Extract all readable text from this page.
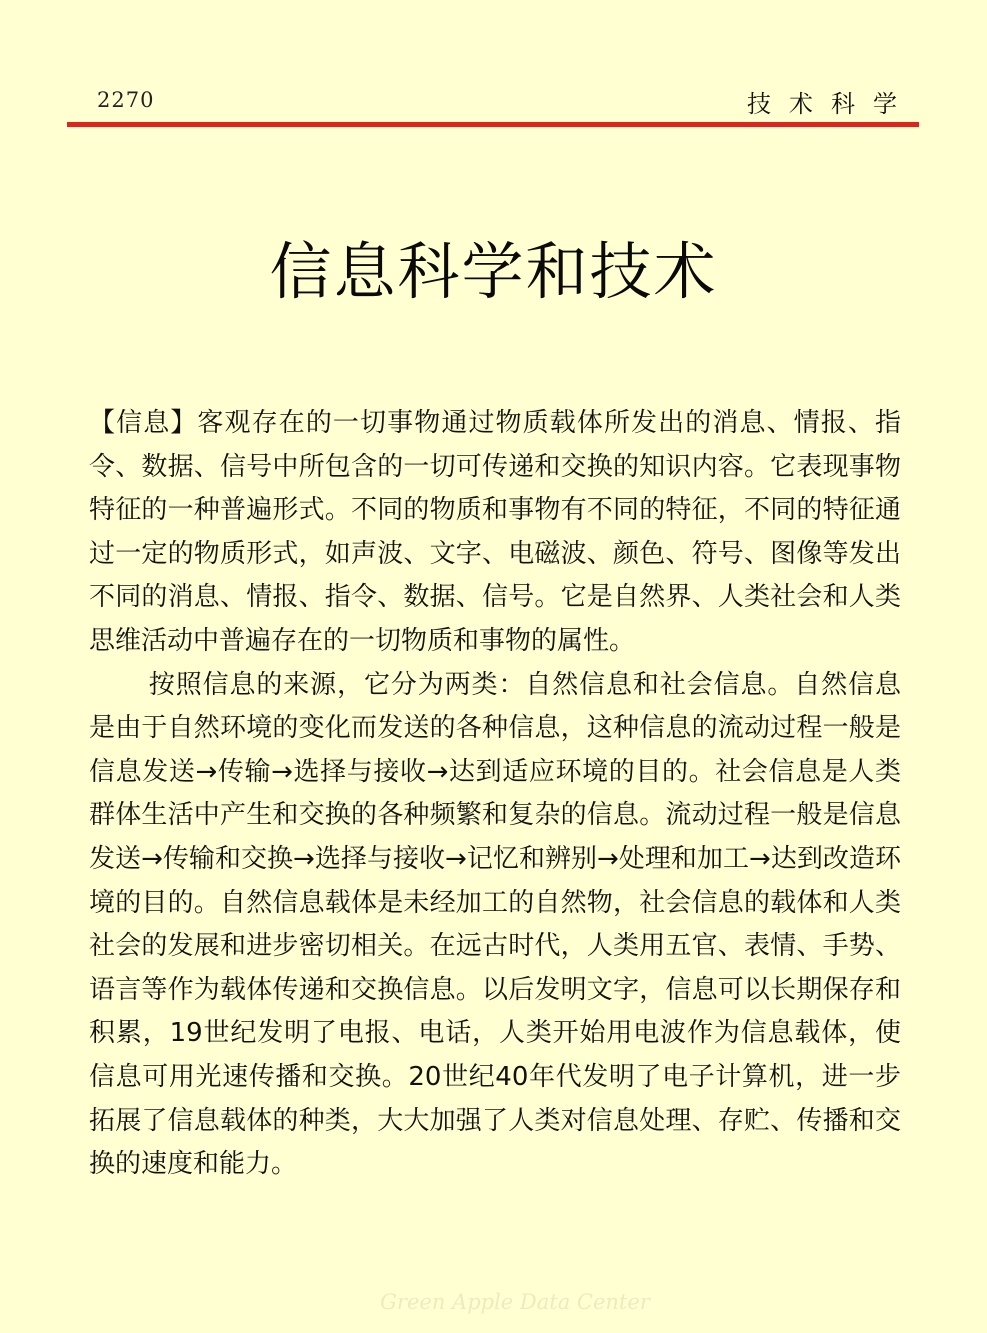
2270	技术科学
信息科学和技术

【信息】客观存在的一切事物通过物质载体所发出的消息、情报、指令、数据、信号中所包含的一切可传递和交换的知识内容。它表现事物特征的一种普遍形式。不同的物质和事物有不同的特征，不同的特征通过一定的物质形式，如声波、文字、电磁波、颜色、符号、图像等发出不同的消息、情报、指令、数据、信号。它是自然界、人类社会和人类思维活动中普遍存在的一切物质和事物的属性。

按照信息的来源，它分为两类：自然信息和社会信息。自然信息是由于自然环境的变化而发送的各种信息，这种信息的流动过程一般是信息发送→传输→选择与接收→达到适应环境的目的。社会信息是人类群体生活中产生和交换的各种频繁和复杂的信息。流动过程一般是信息发送→传输和交换→选择与接收→记忆和辨别→处理和加工→达到改造环境的目的。自然信息载体是未经加工的自然物，社会信息的载体和人类社会的发展和进步密切相关。在远古时代，人类用五官、表情、手势、语言等作为载体传递和交换信息。以后发明文字，信息可以长期保存和积累，19世纪发明了电报、电话，人类开始用电波作为信息载体，使信息可用光速传播和交换。20世纪40年代发明了电子计算机，进一步拓展了信息载体的种类，大大加强了人类对信息处理、存贮、传播和交换的速度和能力。

Green Apple Data Center
